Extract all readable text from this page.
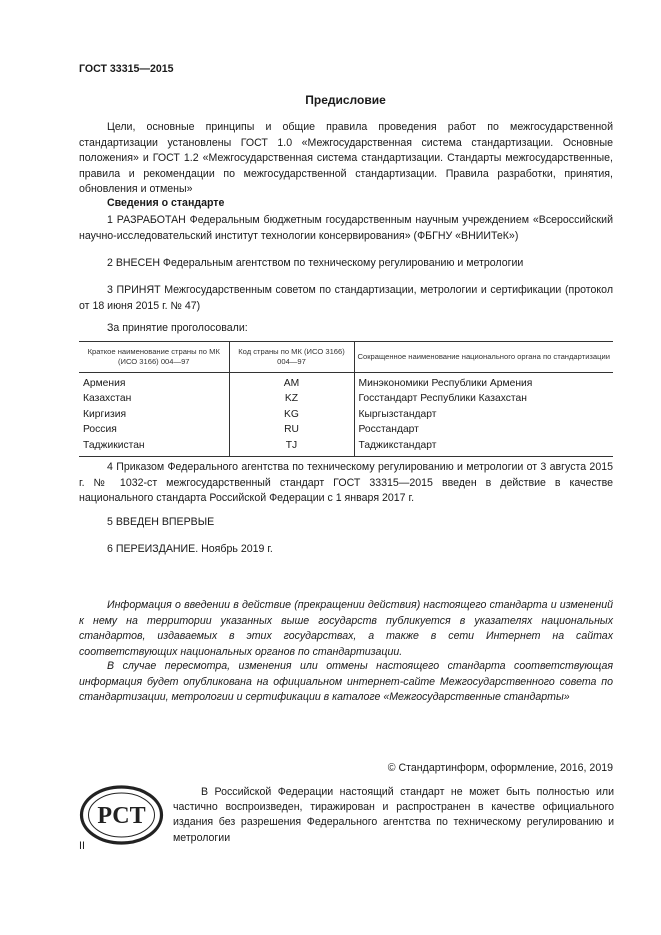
ГОСТ 33315—2015
Предисловие

Цели, основные принципы и общие правила проведения работ по межгосударственной стандартизации установлены ГОСТ 1.0 «Межгосударственная система стандартизации. Основные положения» и ГОСТ 1.2 «Межгосударственная система стандартизации. Стандарты межгосударственные, правила и рекомендации по межгосударственной стандартизации. Правила разработки, принятия, обновления и отмены»

Сведения о стандарте

1 РАЗРАБОТАН Федеральным бюджетным государственным научным учреждением «Всероссийский научно-исследовательский институт технологии консервирования» (ФБГНУ «ВНИИТеК»)

2 ВНЕСЕН Федеральным агентством по техническому регулированию и метрологии

3 ПРИНЯТ Межгосударственным советом по стандартизации, метрологии и сертификации (протокол от 18 июня 2015 г. № 47)

За принятие проголосовали:
Краткое наименование страны по МК (ИСО 3166) 004—97	Код страны по МК (ИСО 3166) 004—97	Сокращенное наименование национального органа по стандартизации
Армения	AM	Минэкономики Республики Армения
Казахстан	KZ	Госстандарт Республики Казахстан
Киргизия	KG	Кыргызстандарт
Россия	RU	Росстандарт
Таджикистан	TJ	Таджикстандарт

4 Приказом Федерального агентства по техническому регулированию и метрологии от 3 августа 2015 г. № 1032-ст межгосударственный стандарт ГОСТ 33315—2015 введен в действие в качестве национального стандарта Российской Федерации с 1 января 2017 г.

5 ВВЕДЕН ВПЕРВЫЕ
6 ПЕРЕИЗДАНИЕ. Ноябрь 2019 г.

Информация о введении в действие (прекращении действия) настоящего стандарта и изменений к нему на территории указанных выше государств публикуется в указателях национальных стандартов, издаваемых в этих государствах, а также в сети Интернет на сайтах соответствующих национальных органов по стандартизации.

В случае пересмотра, изменения или отмены настоящего стандарта соответствующая информация будет опубликована на официальном интернет-сайте Межгосударственного совета по стандартизации, метрологии и сертификации в каталоге «Межгосударственные стандарты»

© Стандартинформ, оформление, 2016, 2019
РСТ

В Российской Федерации настоящий стандарт не может быть полностью или частично воспроизведен, тиражирован и распространен в качестве официального издания без разрешения Федерального агентства по техническому регулированию и метрологии

II
